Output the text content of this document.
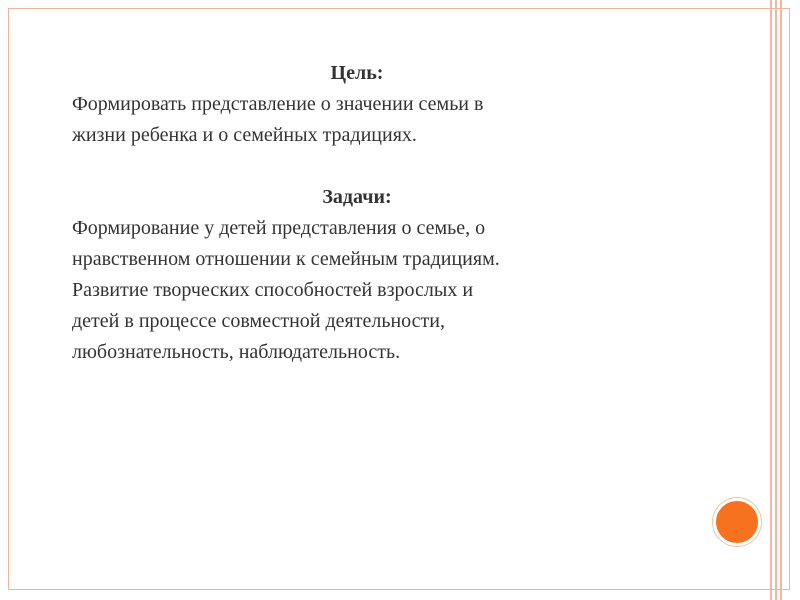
Цель:

Формировать представление о значении семьи в

жизни ребенка и о семейных традициях.

Задачи:

Формирование у детей представления о семье, о

нравственном отношении к семейным традициям.

Развитие творческих способностей взрослых и

детей в процессе совместной деятельности,

любознательность, наблюдательность.
